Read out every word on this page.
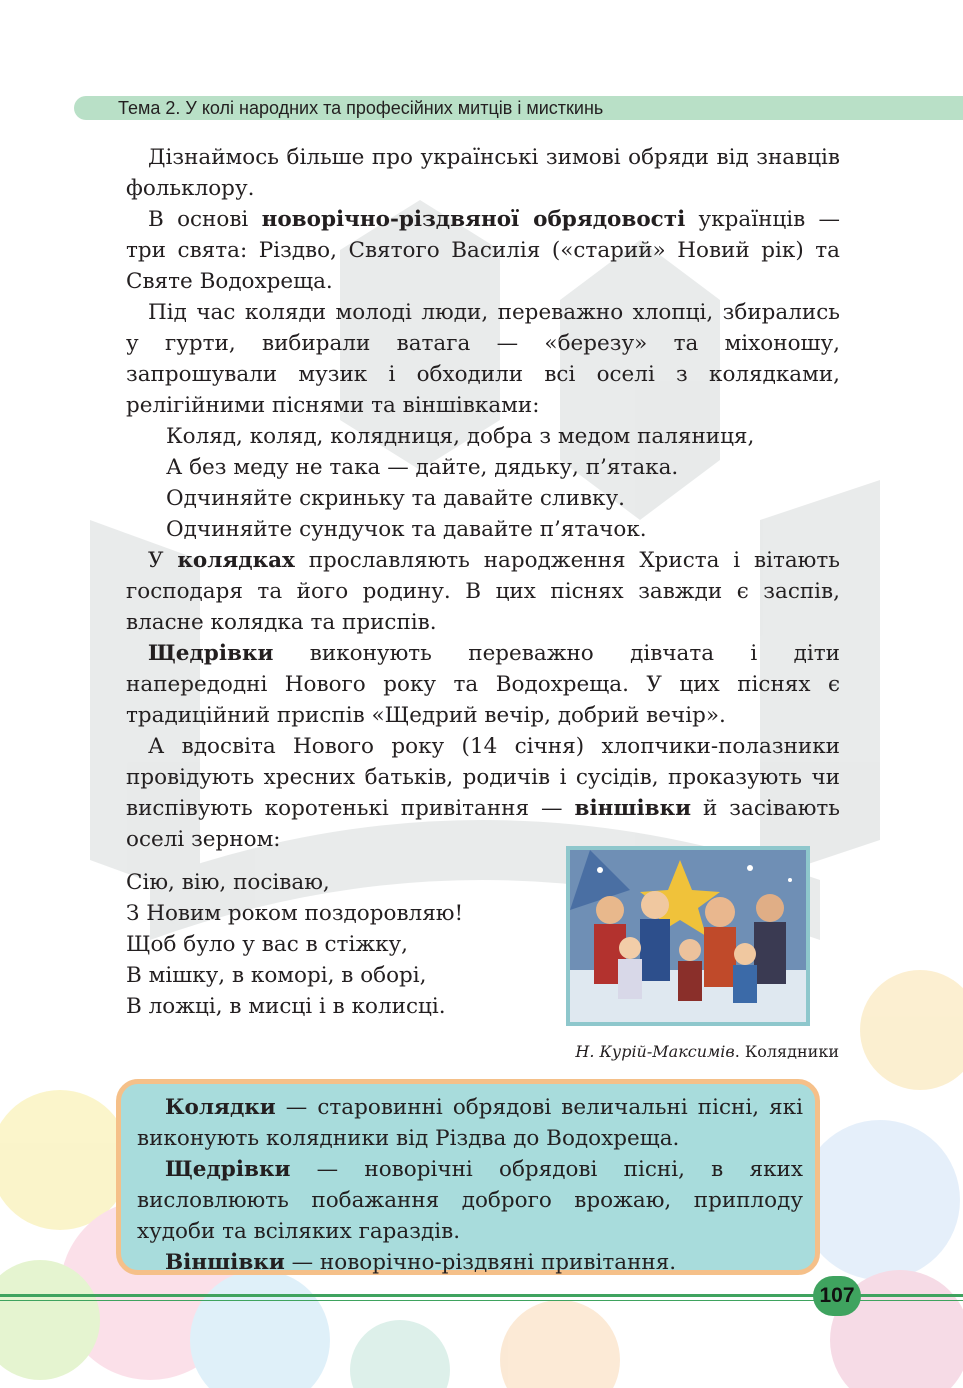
Тема 2. У колі народних та професійних митців і мисткинь

Дізнаймось більше про українські зимові обряди від знавців фольклору.

В основі новорічно-різдвяної обрядовості українців — три свята: Різдво, Святого Василія («старий» Новий рік) та Святе Водохреща.

Під час коляди молоді люди, переважно хлопці, збирались у гурти, вибирали ватага — «березу» та міхоношу, запрошували музик і обходили всі оселі з колядками, релігійними піснями та віншівками:

Коляд, коляд, колядниця, добра з медом паляниця,

А без меду не така — дайте, дядьку, п’ятака.

Одчиняйте скриньку та давайте сливку.

Одчиняйте сундучок та давайте п’ятачок.

У колядках прославляють народження Христа і вітають господаря та його родину. В цих піснях завжди є заспів, власне колядка та приспів.

Щедрівки виконують переважно дівчата і діти напередодні Нового року та Водохреща. У цих піснях є традиційний приспів «Щедрий вечір, добрий вечір».

А вдосвіта Нового року (14 січня) хлопчики-полазники провідують хресних батьків, родичів і сусідів, проказують чи виспівують коротенькі привітання — віншівки й засівають оселі зерном:

Сію, вію, посіваю,

З Новим роком поздоровляю!

Щоб було у вас в стіжку,

В мішку, в коморі, в оборі,

В ложці, в мисці і в колисці.

Н. Курій-Максимів. Колядники

Колядки — старовинні обрядові величальні пісні, які виконують колядники від Різдва до Водохреща.

Щедрівки — новорічні обрядові пісні, в яких висловлюють побажання доброго врожаю, приплоду худоби та всіляких гараздів.

Віншівки — новорічно-різдвяні привітання.

107
